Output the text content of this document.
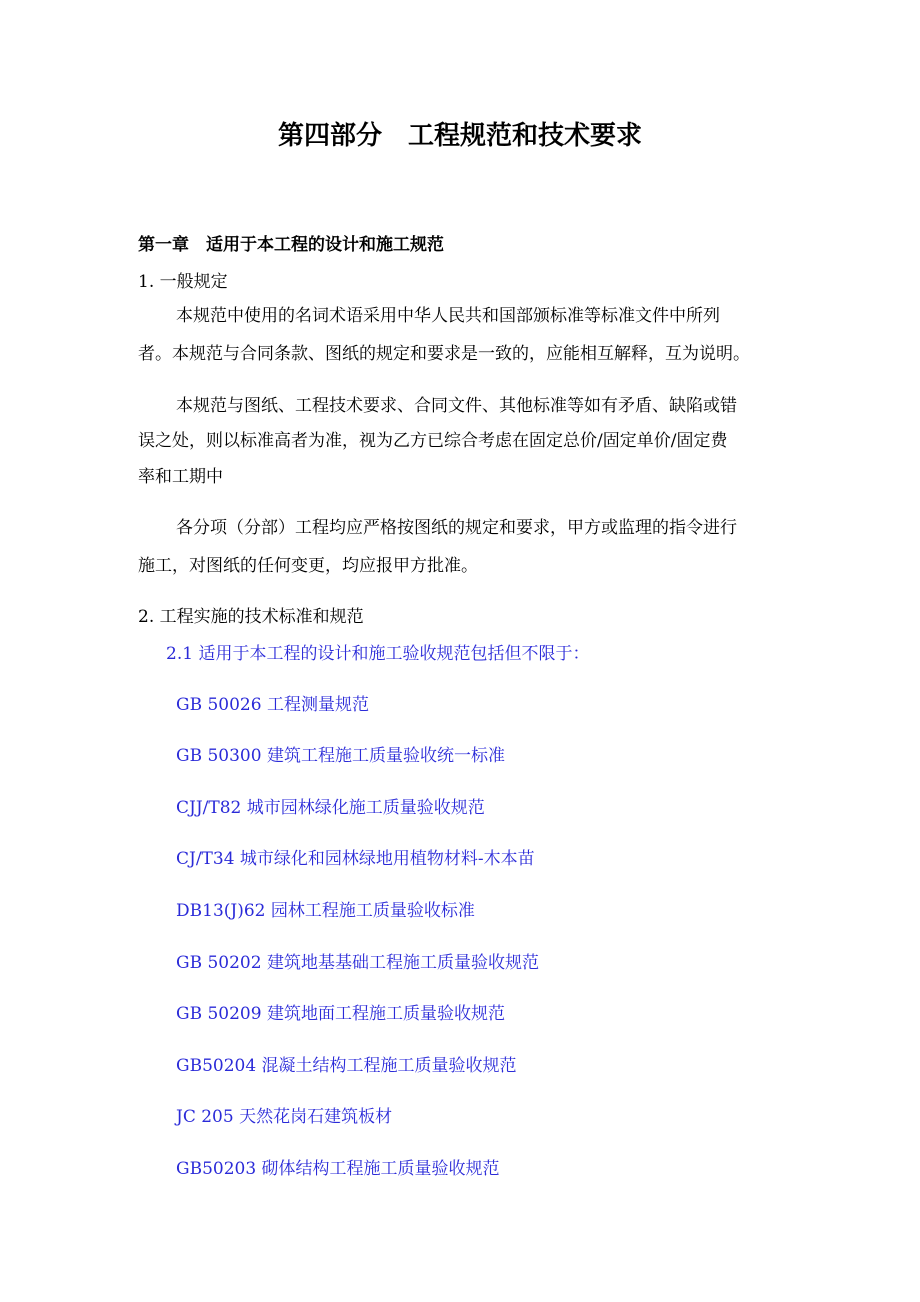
第四部分　工程规范和技术要求
第一章　适用于本工程的设计和施工规范
1. 一般规定
本规范中使用的名词术语采用中华人民共和国部颁标准等标准文件中所列
者。本规范与合同条款、图纸的规定和要求是一致的，应能相互解释，互为说明。
本规范与图纸、工程技术要求、合同文件、其他标准等如有矛盾、缺陷或错
误之处，则以标准高者为准，视为乙方已综合考虑在固定总价/固定单价/固定费
率和工期中
各分项（分部）工程均应严格按图纸的规定和要求，甲方或监理的指令进行
施工，对图纸的任何变更，均应报甲方批准。
2. 工程实施的技术标准和规范
2.1 适用于本工程的设计和施工验收规范包括但不限于：
GB 50026 工程测量规范
GB 50300 建筑工程施工质量验收统一标准
CJJ/T82 城市园林绿化施工质量验收规范
CJ/T34 城市绿化和园林绿地用植物材料-木本苗
DB13(J)62 园林工程施工质量验收标准
GB 50202 建筑地基基础工程施工质量验收规范
GB 50209 建筑地面工程施工质量验收规范
GB50204 混凝土结构工程施工质量验收规范
JC 205 天然花岗石建筑板材
GB50203 砌体结构工程施工质量验收规范
